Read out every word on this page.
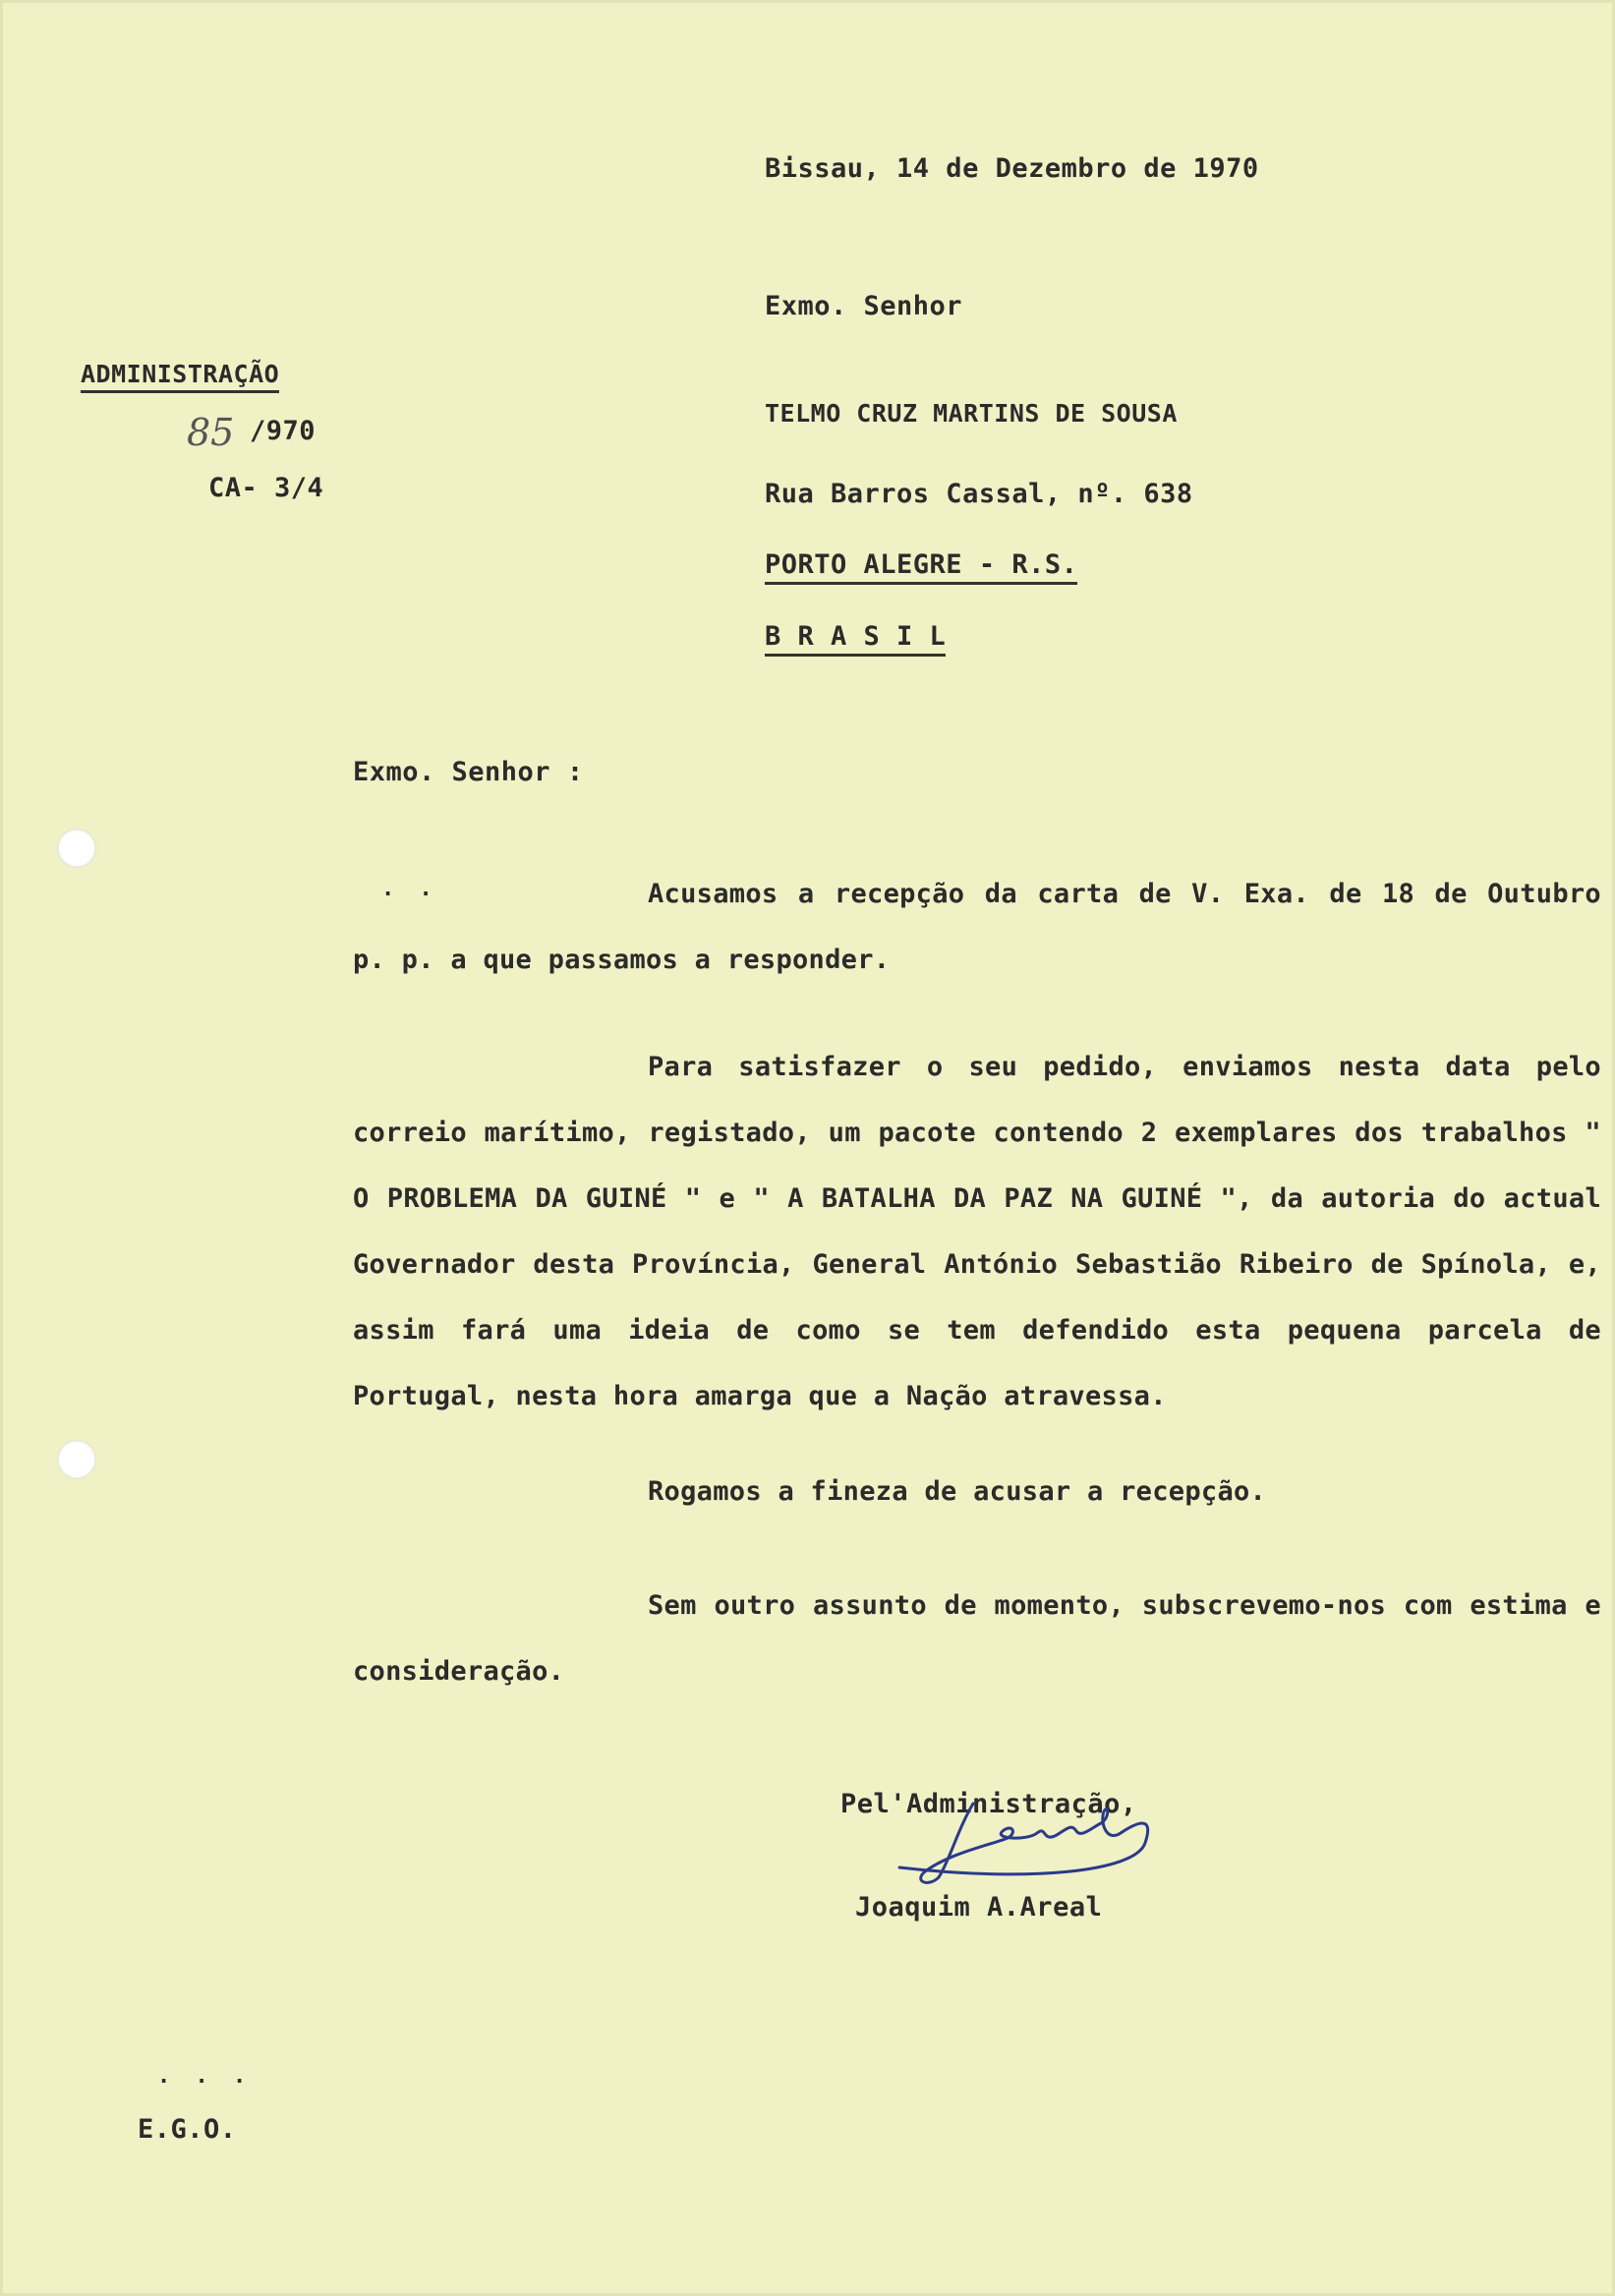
Bissau, 14 de Dezembro de 1970
Exmo. Senhor
ADMINISTRAÇÃO
85 /970
CA- 3/4
TELMO CRUZ MARTINS DE SOUSA
Rua Barros Cassal, nº. 638
PORTO ALEGRE - R.S.
B R A S I L
Exmo. Senhor :
· ·	Acusamos a recepção da carta de V. Exa. de 18 de Outubro p. p. a que passamos a responder.
Para satisfazer o seu pedido, enviamos nesta data pelo correio marítimo, registado, um pacote contendo 2 exemplares dos trabalhos " O PROBLEMA DA GUINÉ " e " A BATALHA DA PAZ NA GUINÉ ", da autoria do actual Governador desta Província, General António Sebastião Ribeiro de Spínola, e, assim fará uma ideia de como se tem defendido esta pequena parcela de Portugal, nesta hora amarga que a Nação atravessa.
Rogamos a fineza de acusar a recepção.
Sem outro assunto de momento, subscrevemo-nos com estima e consideração.
Pel'Administração,
Joaquim A.Areal
· · ·
E.G.O.
